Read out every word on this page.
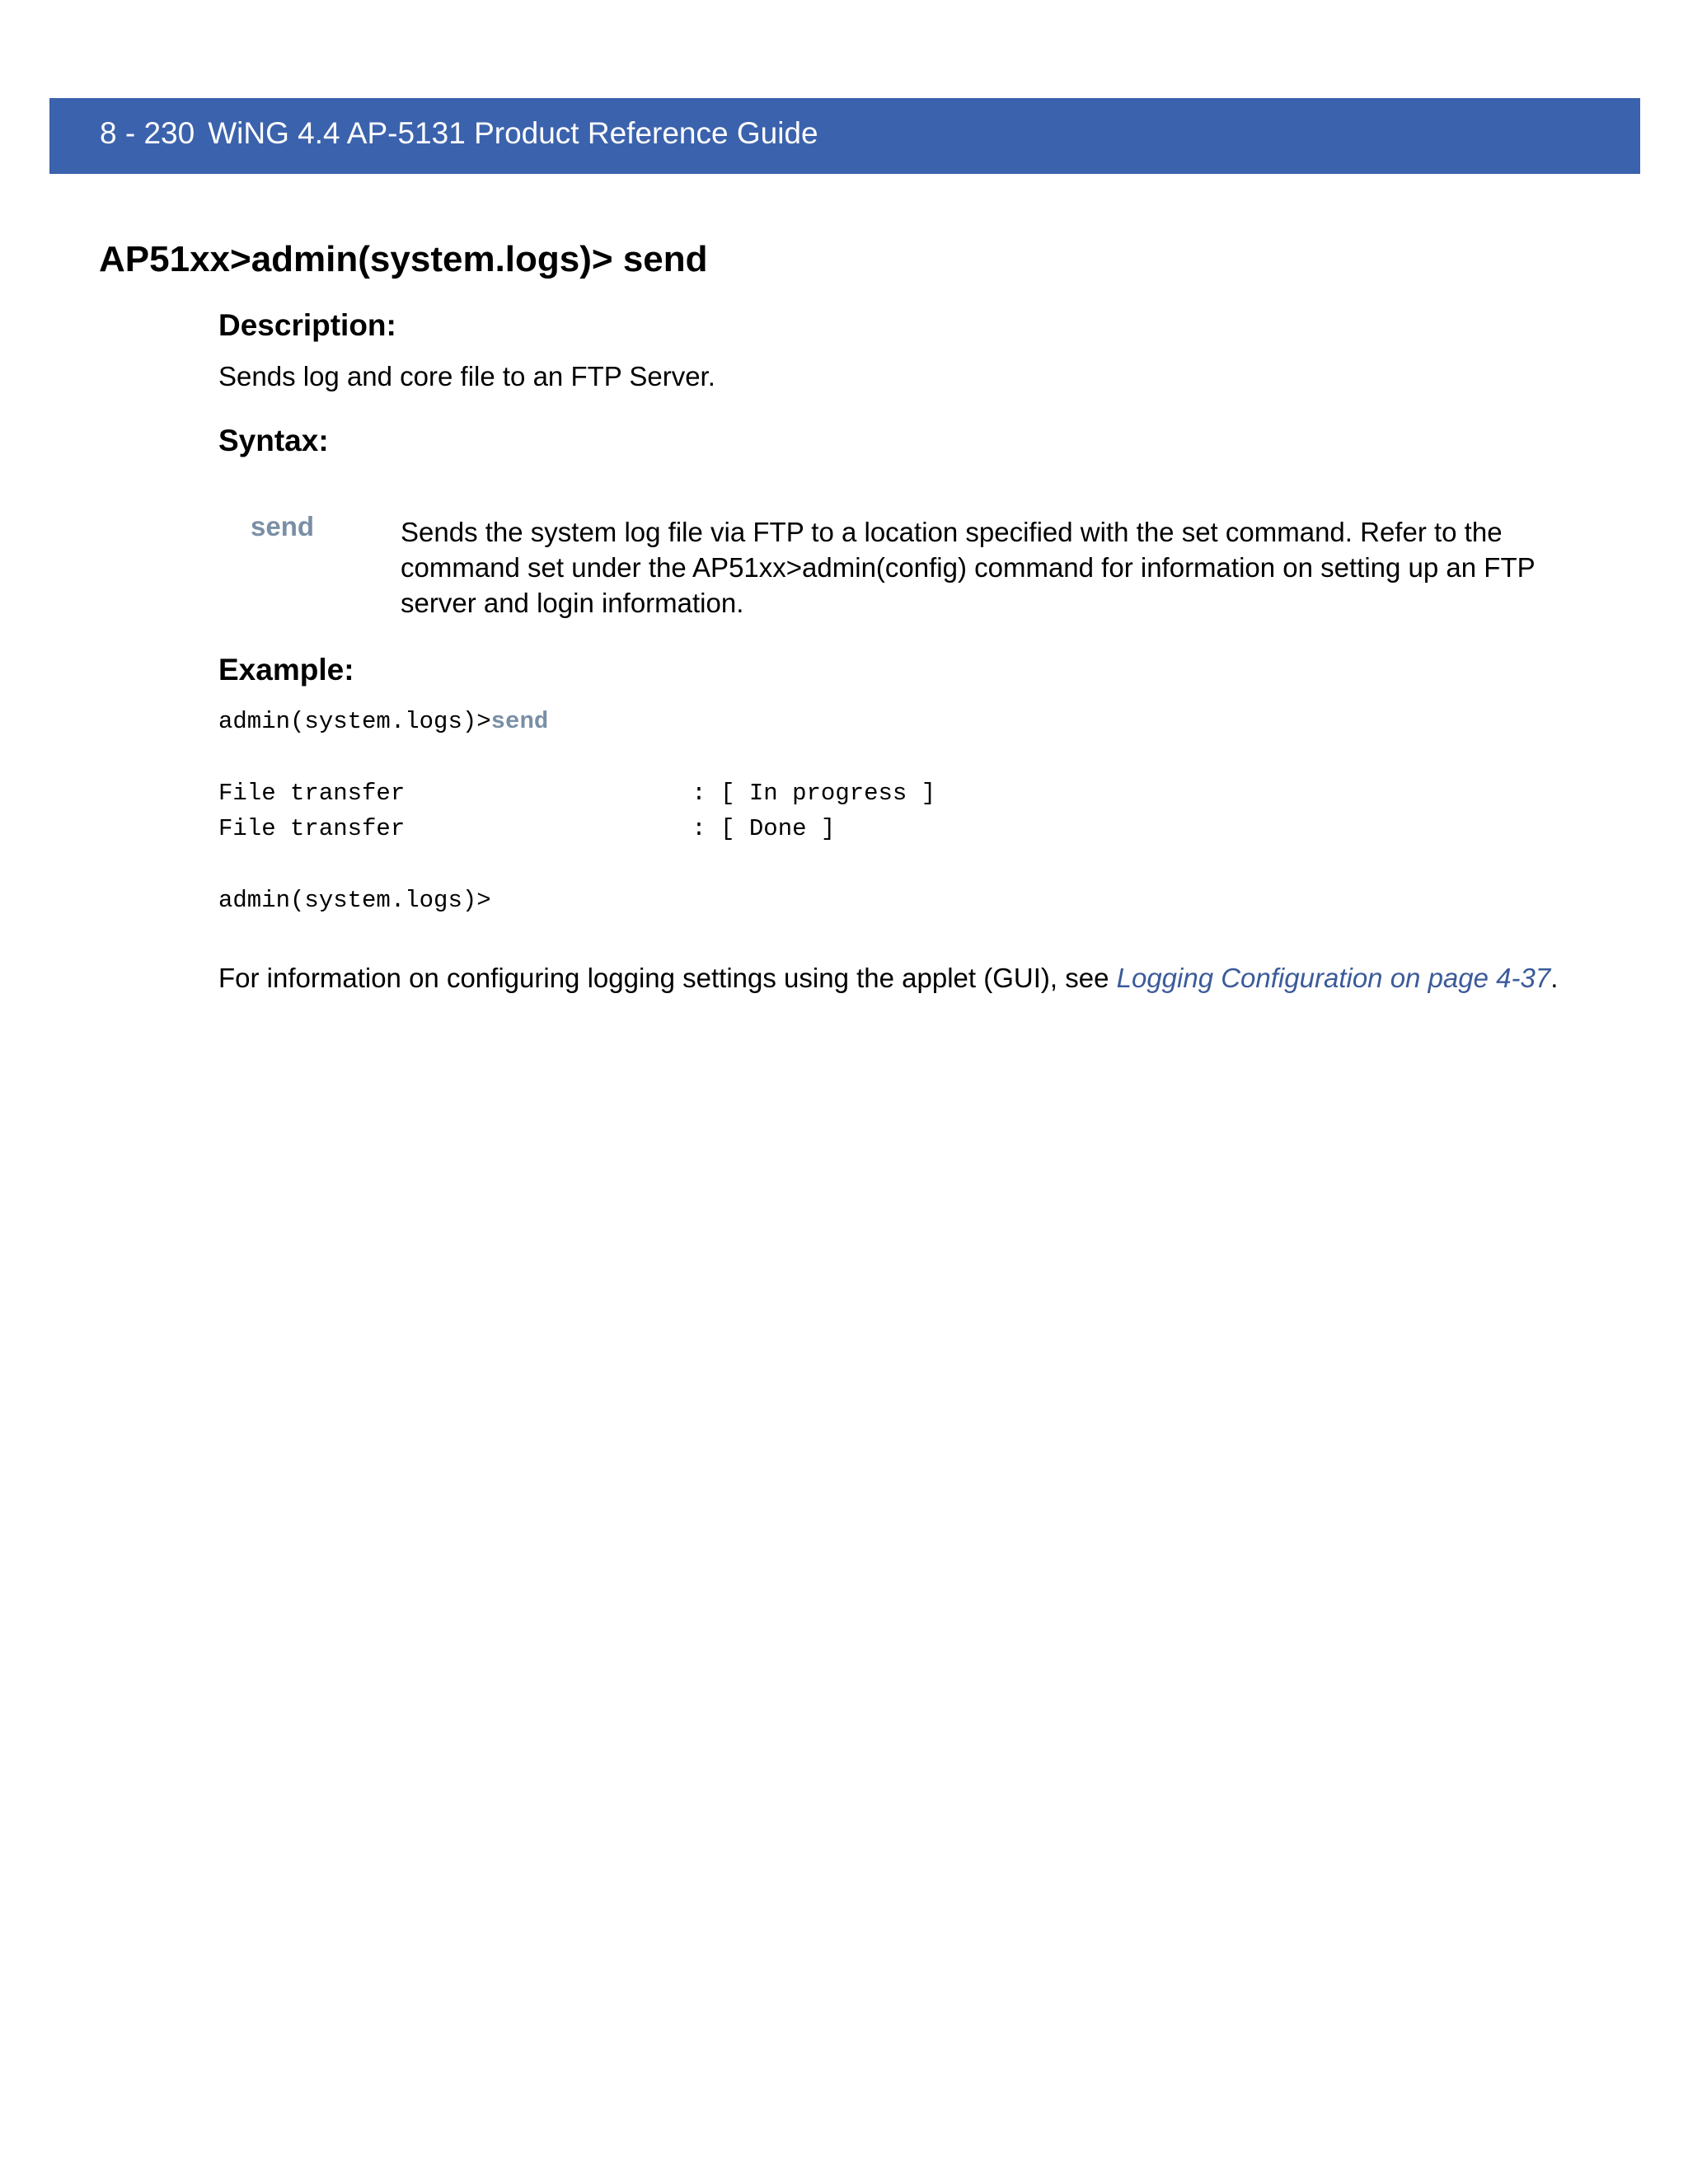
8 - 230 WiNG 4.4 AP-5131 Product Reference Guide
AP51xx>admin(system.logs)> send
Description:
Sends log and core file to an FTP Server.
Syntax:
send	Sends the system log file via FTP to a location specified with the set command. Refer to the command set under the AP51xx>admin(config) command for information on setting up an FTP server and login information.
Example:
admin(system.logs)>send
File transfer                    : [ In progress ]
File transfer                    : [ Done ]
admin(system.logs)>
For information on configuring logging settings using the applet (GUI), see Logging Configuration on page 4-37.
